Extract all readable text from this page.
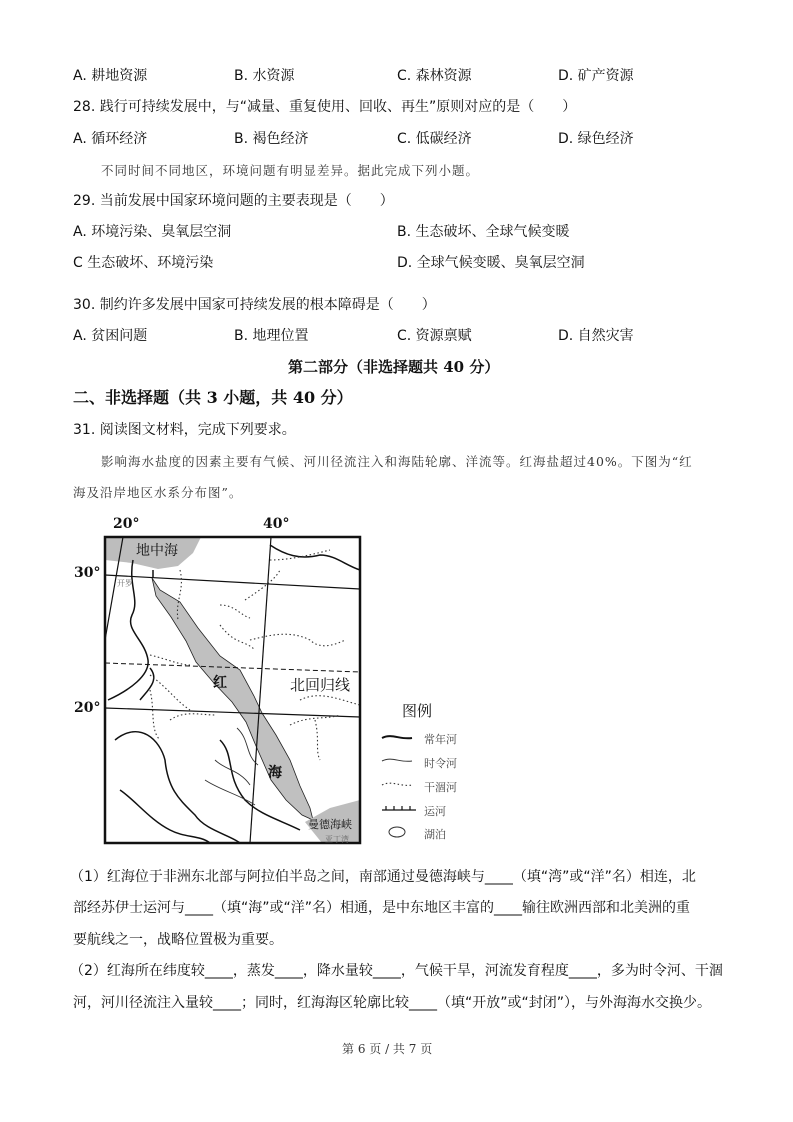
A. 耕地资源	B. 水资源	C. 森林资源	D. 矿产资源
28. 践行可持续发展中，与“减量、重复使用、回收、再生”原则对应的是（　　）
A. 循环经济	B. 褐色经济	C. 低碳经济	D. 绿色经济
不同时间不同地区，环境问题有明显差异。据此完成下列小题。
29. 当前发展中国家环境问题的主要表现是（　　）
A. 环境污染、臭氧层空洞	B. 生态破坏、全球气候变暖
C 生态破坏、环境污染	D. 全球气候变暖、臭氧层空洞
30. 制约许多发展中国家可持续发展的根本障碍是（　　）
A. 贫困问题	B. 地理位置	C. 资源禀赋	D. 自然灾害
第二部分（非选择题共 40 分）
二、非选择题（共 3 小题，共 40 分）
31. 阅读图文材料，完成下列要求。
影响海水盐度的因素主要有气候、河川径流注入和海陆轮廓、洋流等。红海盐超过40%。下图为“红
海及沿岸地区水系分布图”。
20°	40°
30°
20°
地中海
红
海
北回归线
曼德海峡
开罗
亚丁湾
图例
常年河
时令河
干涸河
运河
湖泊
（1）红海位于非洲东北部与阿拉伯半岛之间，南部通过曼德海峡与____（填“湾”或“洋”名）相连，北
部经苏伊士运河与____（填“海”或“洋”名）相通，是中东地区丰富的____输往欧洲西部和北美洲的重
要航线之一，战略位置极为重要。
（2）红海所在纬度较____，蒸发____，降水量较____，气候干旱，河流发育程度____，多为时令河、干涸
河，河川径流注入量较____；同时，红海海区轮廓比较____（填“开放”或“封闭”），与外海海水交换少。
第 6 页 / 共 7 页
